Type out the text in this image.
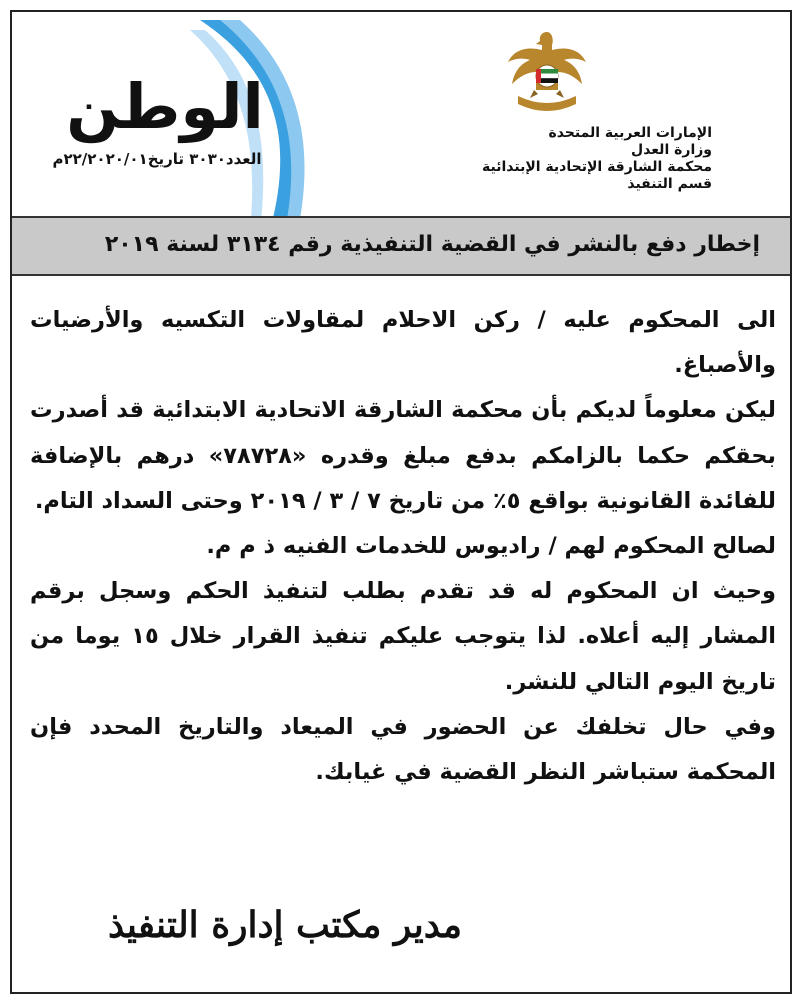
الوطن
العدد٣٠٣٠ تاريخ٢٢/٢٠٢٠/٠١م
الإمارات العربية المتحدة
وزارة العدل
محكمة الشارقة الإتحادية الإبتدائية
قسم التنفيذ
إخطار دفع بالنشر في القضية التنفيذية رقم ٣١٣٤ لسنة ٢٠١٩

الى المحكوم عليه / ركن الاحلام لمقاولات التكسيه والأرضيات والأصباغ.

ليكن معلوماً لديكم بأن محكمة الشارقة الاتحادية الابتدائية قد أصدرت بحقكم حكما بالزامكم بدفع مبلغ وقدره «٧٨٧٢٨» درهم بالإضافة للفائدة القانونية بواقع ٥٪ من تاريخ ٧ / ٣ / ٢٠١٩ وحتى السداد التام.

لصالح المحكوم لهم / راديوس للخدمات الفنيه ذ م م.

وحيث ان المحكوم له قد تقدم بطلب لتنفيذ الحكم وسجل برقم المشار إليه أعلاه. لذا يتوجب عليكم تنفيذ القرار خلال ١٥ يوما من تاريخ اليوم التالي للنشر.

وفي حال تخلفك عن الحضور في الميعاد والتاريخ المحدد فإن المحكمة ستباشر النظر القضية في غيابك.

مدير مكتب إدارة التنفيذ
